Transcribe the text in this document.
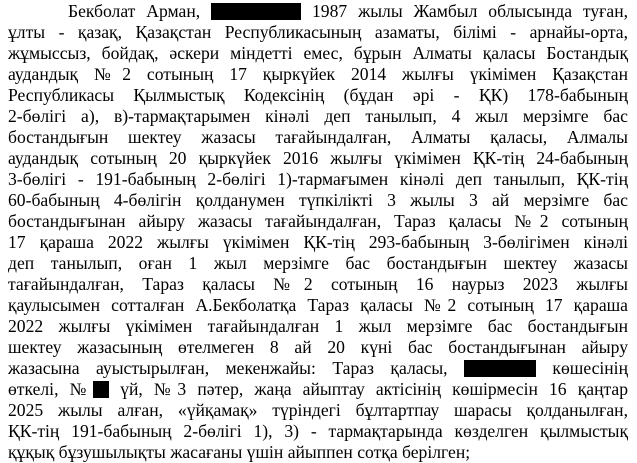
Бекболат Арман,	1987 жылы Жамбыл облысында туған,
ұлты - қазақ, Қазақстан Республикасының азаматы, білімі - арнайы-орта,
жұмыссыз, бойдақ, әскери міндетті емес, бұрын Алматы қаласы Бостандық
аудандық №2 сотының 17 қыркүйек 2014 жылғы үкімімен Қазақстан
Республикасы Қылмыстық Кодексінің (бұдан әрі - ҚК) 178-бабының
2-бөлігі а), в)-тармақтарымен кінәлі деп танылып, 4 жыл мерзімге бас
бостандығын шектеу жазасы тағайындалған, Алматы қаласы, Алмалы
аудандық сотының 20 қыркүйек 2016 жылғы үкімімен ҚК-тің 24-бабының
3-бөлігі - 191-бабының 2-бөлігі 1)-тармағымен кінәлі деп танылып, ҚК-тің
60-бабының 4-бөлігін қолданумен түпкілікті 3 жылы 3 ай мерзімге бас
бостандығынан айыру жазасы тағайындалған, Тараз қаласы №2 сотының
17 қараша 2022 жылғы үкімімен ҚК-тің 293-бабының 3-бөлігімен кінәлі
деп танылып, оған 1 жыл мерзімге бас бостандығын шектеу жазасы
тағайындалған, Тараз қаласы №2 сотының 16 наурыз 2023 жылғы
қаулысымен сотталған А.Бекболатқа Тараз қаласы №2 сотының 17 қараша
2022 жылғы үкімімен тағайындалған 1 жыл мерзімге бас бостандығын
шектеу жазасының өтелмеген 8 ай 20 күні бас бостандығынан айыру
жазасына ауыстырылған, мекенжайы: Тараз қаласы,	көшесінің
өткелі, № үй, №3 пәтер, жаңа айыптау актісінің көшірмесін 16 қаңтар
2025 жылы алған, «үйқамақ» түріндегі бұлтартпау шарасы қолданылған,
ҚК-тің 191-бабының 2-бөлігі 1), 3) - тармақтарында көзделген қылмыстық
құқық бұзушылықты жасағаны үшін айыппен сотқа берілген;
